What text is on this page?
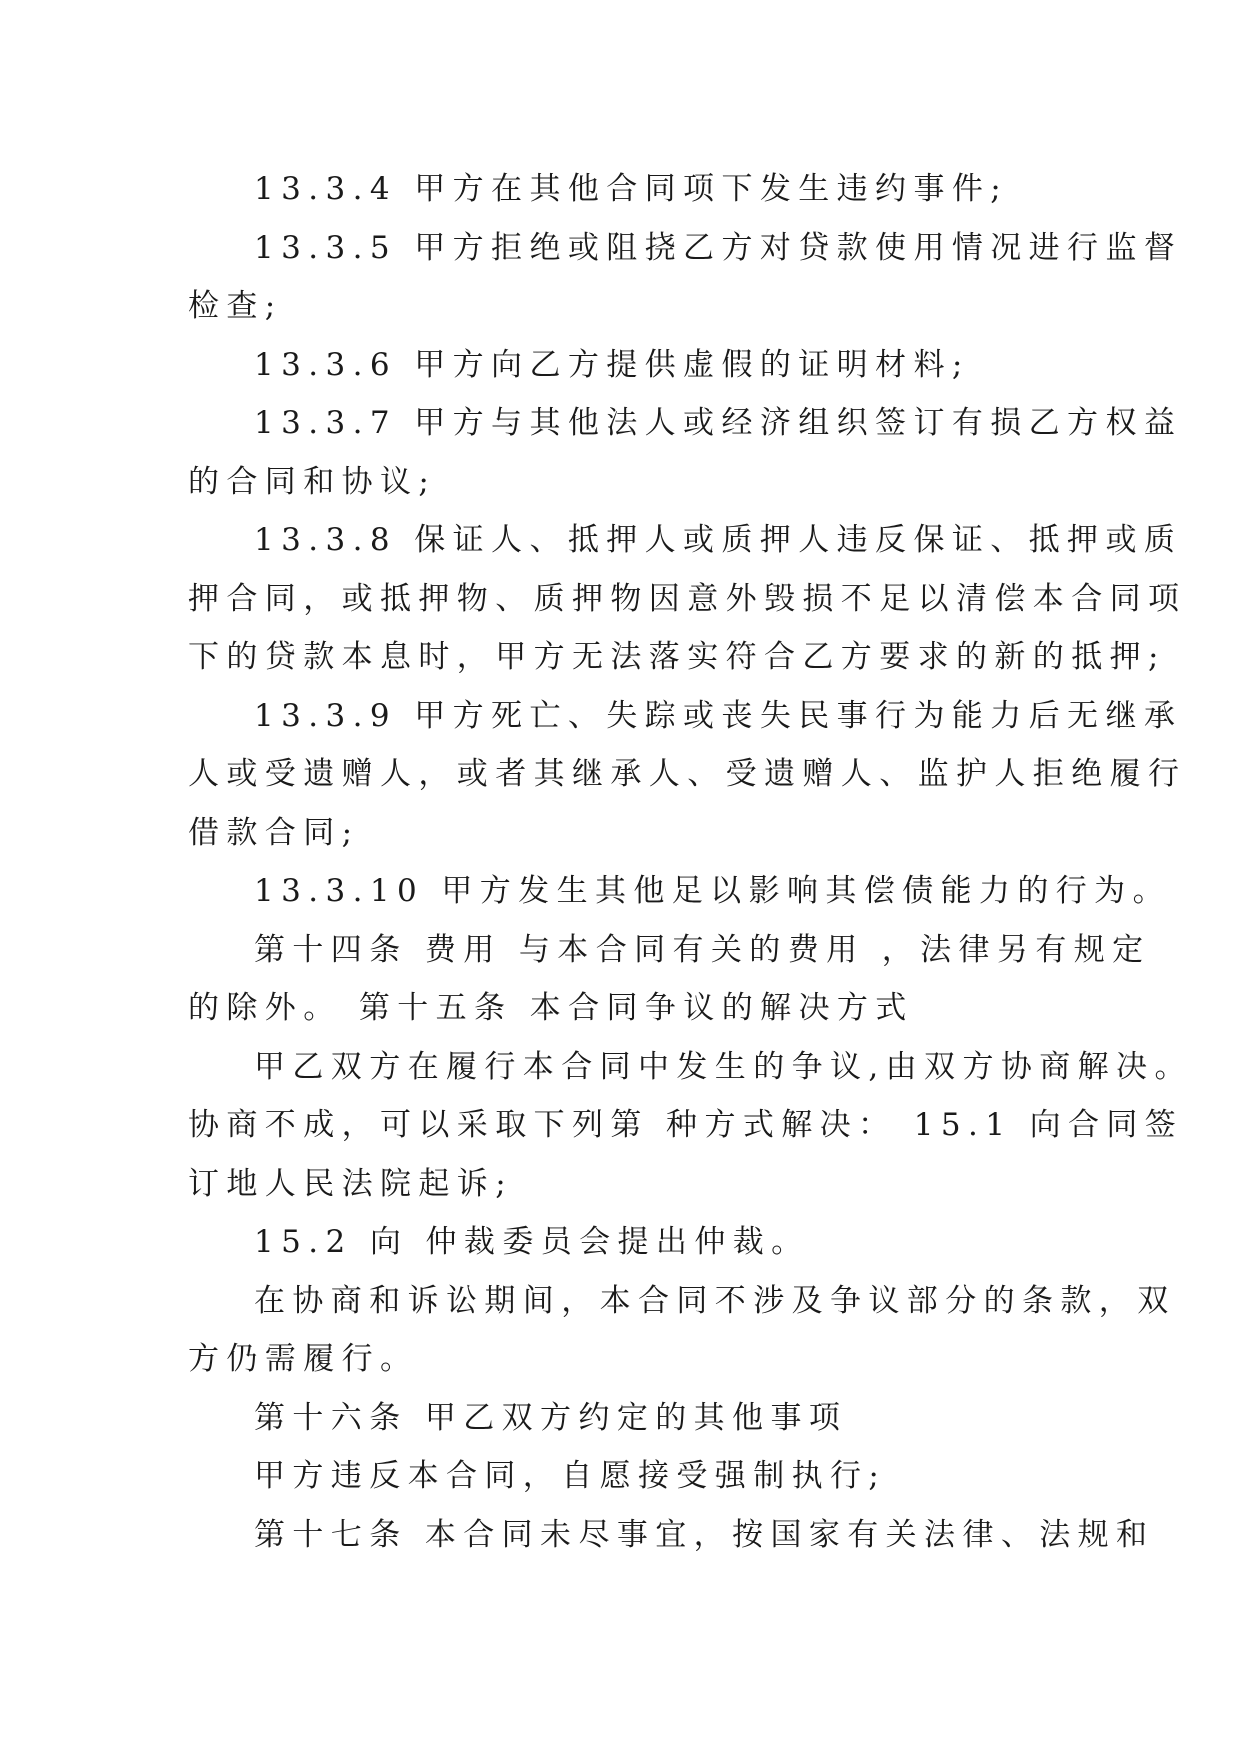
13.3.4 甲方在其他合同项下发生违约事件;
13.3.5 甲方拒绝或阻挠乙方对贷款使用情况进行监督
检查;
13.3.6 甲方向乙方提供虚假的证明材料;
13.3.7 甲方与其他法人或经济组织签订有损乙方权益
的合同和协议;
13.3.8 保证人、抵押人或质押人违反保证、抵押或质
押合同，或抵押物、质押物因意外毁损不足以清偿本合同项
下的贷款本息时，甲方无法落实符合乙方要求的新的抵押;
13.3.9 甲方死亡、失踪或丧失民事行为能力后无继承
人或受遗赠人，或者其继承人、受遗赠人、监护人拒绝履行
借款合同;
13.3.10 甲方发生其他足以影响其偿债能力的行为。
第十四条 费用 与本合同有关的费用 ，法律另有规定
的除外。 第十五条 本合同争议的解决方式
甲乙双方在履行本合同中发生的争议,由双方协商解决。
协商不成，可以采取下列第 种方式解决： 15.1 向合同签
订地人民法院起诉;
15.2 向 仲裁委员会提出仲裁。
在协商和诉讼期间，本合同不涉及争议部分的条款，双
方仍需履行。
第十六条 甲乙双方约定的其他事项
甲方违反本合同，自愿接受强制执行;
第十七条 本合同未尽事宜，按国家有关法律、法规和
